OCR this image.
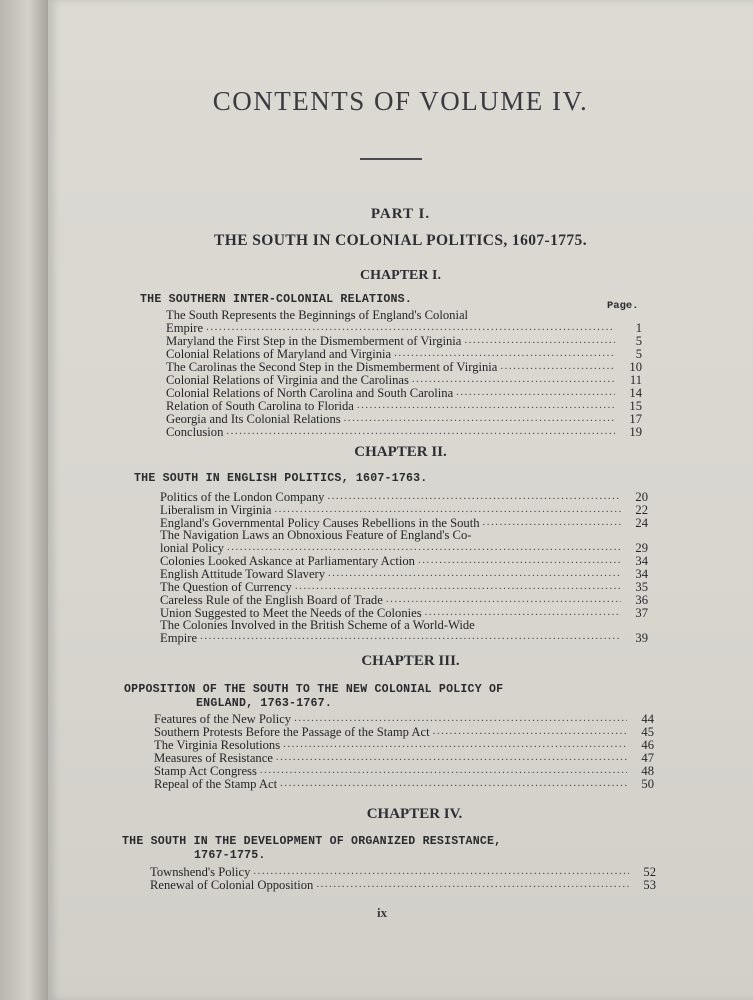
CONTENTS OF VOLUME IV.
PART I.
THE SOUTH IN COLONIAL POLITICS, 1607-1775.
CHAPTER I.
THE SOUTHERN INTER-COLONIAL RELATIONS.	Page.
The South Represents the Beginnings of England's Colonial
Empire .....	1
Maryland the First Step in the Dismemberment of Virginia .....	5
Colonial Relations of Maryland and Virginia .....	5
The Carolinas the Second Step in the Dismemberment of Virginia .....	10
Colonial Relations of Virginia and the Carolinas .....	11
Colonial Relations of North Carolina and South Carolina .....	14
Relation of South Carolina to Florida .....	15
Georgia and Its Colonial Relations .....	17
Conclusion .....	19
CHAPTER II.
THE SOUTH IN ENGLISH POLITICS, 1607-1763.
Politics of the London Company .....	20
Liberalism in Virginia .....	22
England's Governmental Policy Causes Rebellions in the South .....	24
The Navigation Laws an Obnoxious Feature of England's Co-
lonial Policy .....	29
Colonies Looked Askance at Parliamentary Action .....	34
English Attitude Toward Slavery .....	34
The Question of Currency .....	35
Careless Rule of the English Board of Trade .....	36
Union Suggested to Meet the Needs of the Colonies .....	37
The Colonies Involved in the British Scheme of a World-Wide
Empire .....	39
CHAPTER III.
OPPOSITION OF THE SOUTH TO THE NEW COLONIAL POLICY OF
ENGLAND, 1763-1767.
Features of the New Policy .....	44
Southern Protests Before the Passage of the Stamp Act .....	45
The Virginia Resolutions .....	46
Measures of Resistance .....	47
Stamp Act Congress .....	48
Repeal of the Stamp Act .....	50
CHAPTER IV.
THE SOUTH IN THE DEVELOPMENT OF ORGANIZED RESISTANCE,
1767-1775.
Townshend's Policy .....	52
Renewal of Colonial Opposition .....	53
ix
